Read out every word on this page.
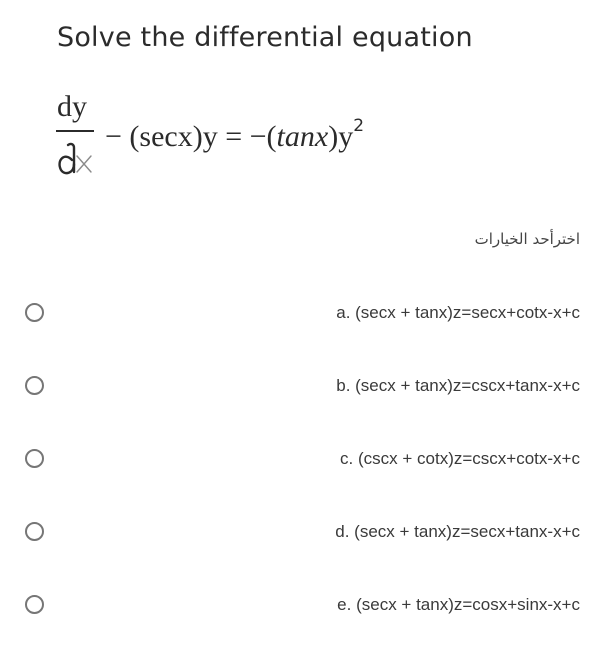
Solve the differential equation
dy
− $(\sec x)y = -(\tan x)y^2$
اخترأحد الخيارات
a. (secx + tanx)z=secx+cotx-x+c
b. (secx + tanx)z=cscx+tanx-x+c
c. (cscx + cotx)z=cscx+cotx-x+c
d. (secx + tanx)z=secx+tanx-x+c
e. (secx + tanx)z=cosx+sinx-x+c
